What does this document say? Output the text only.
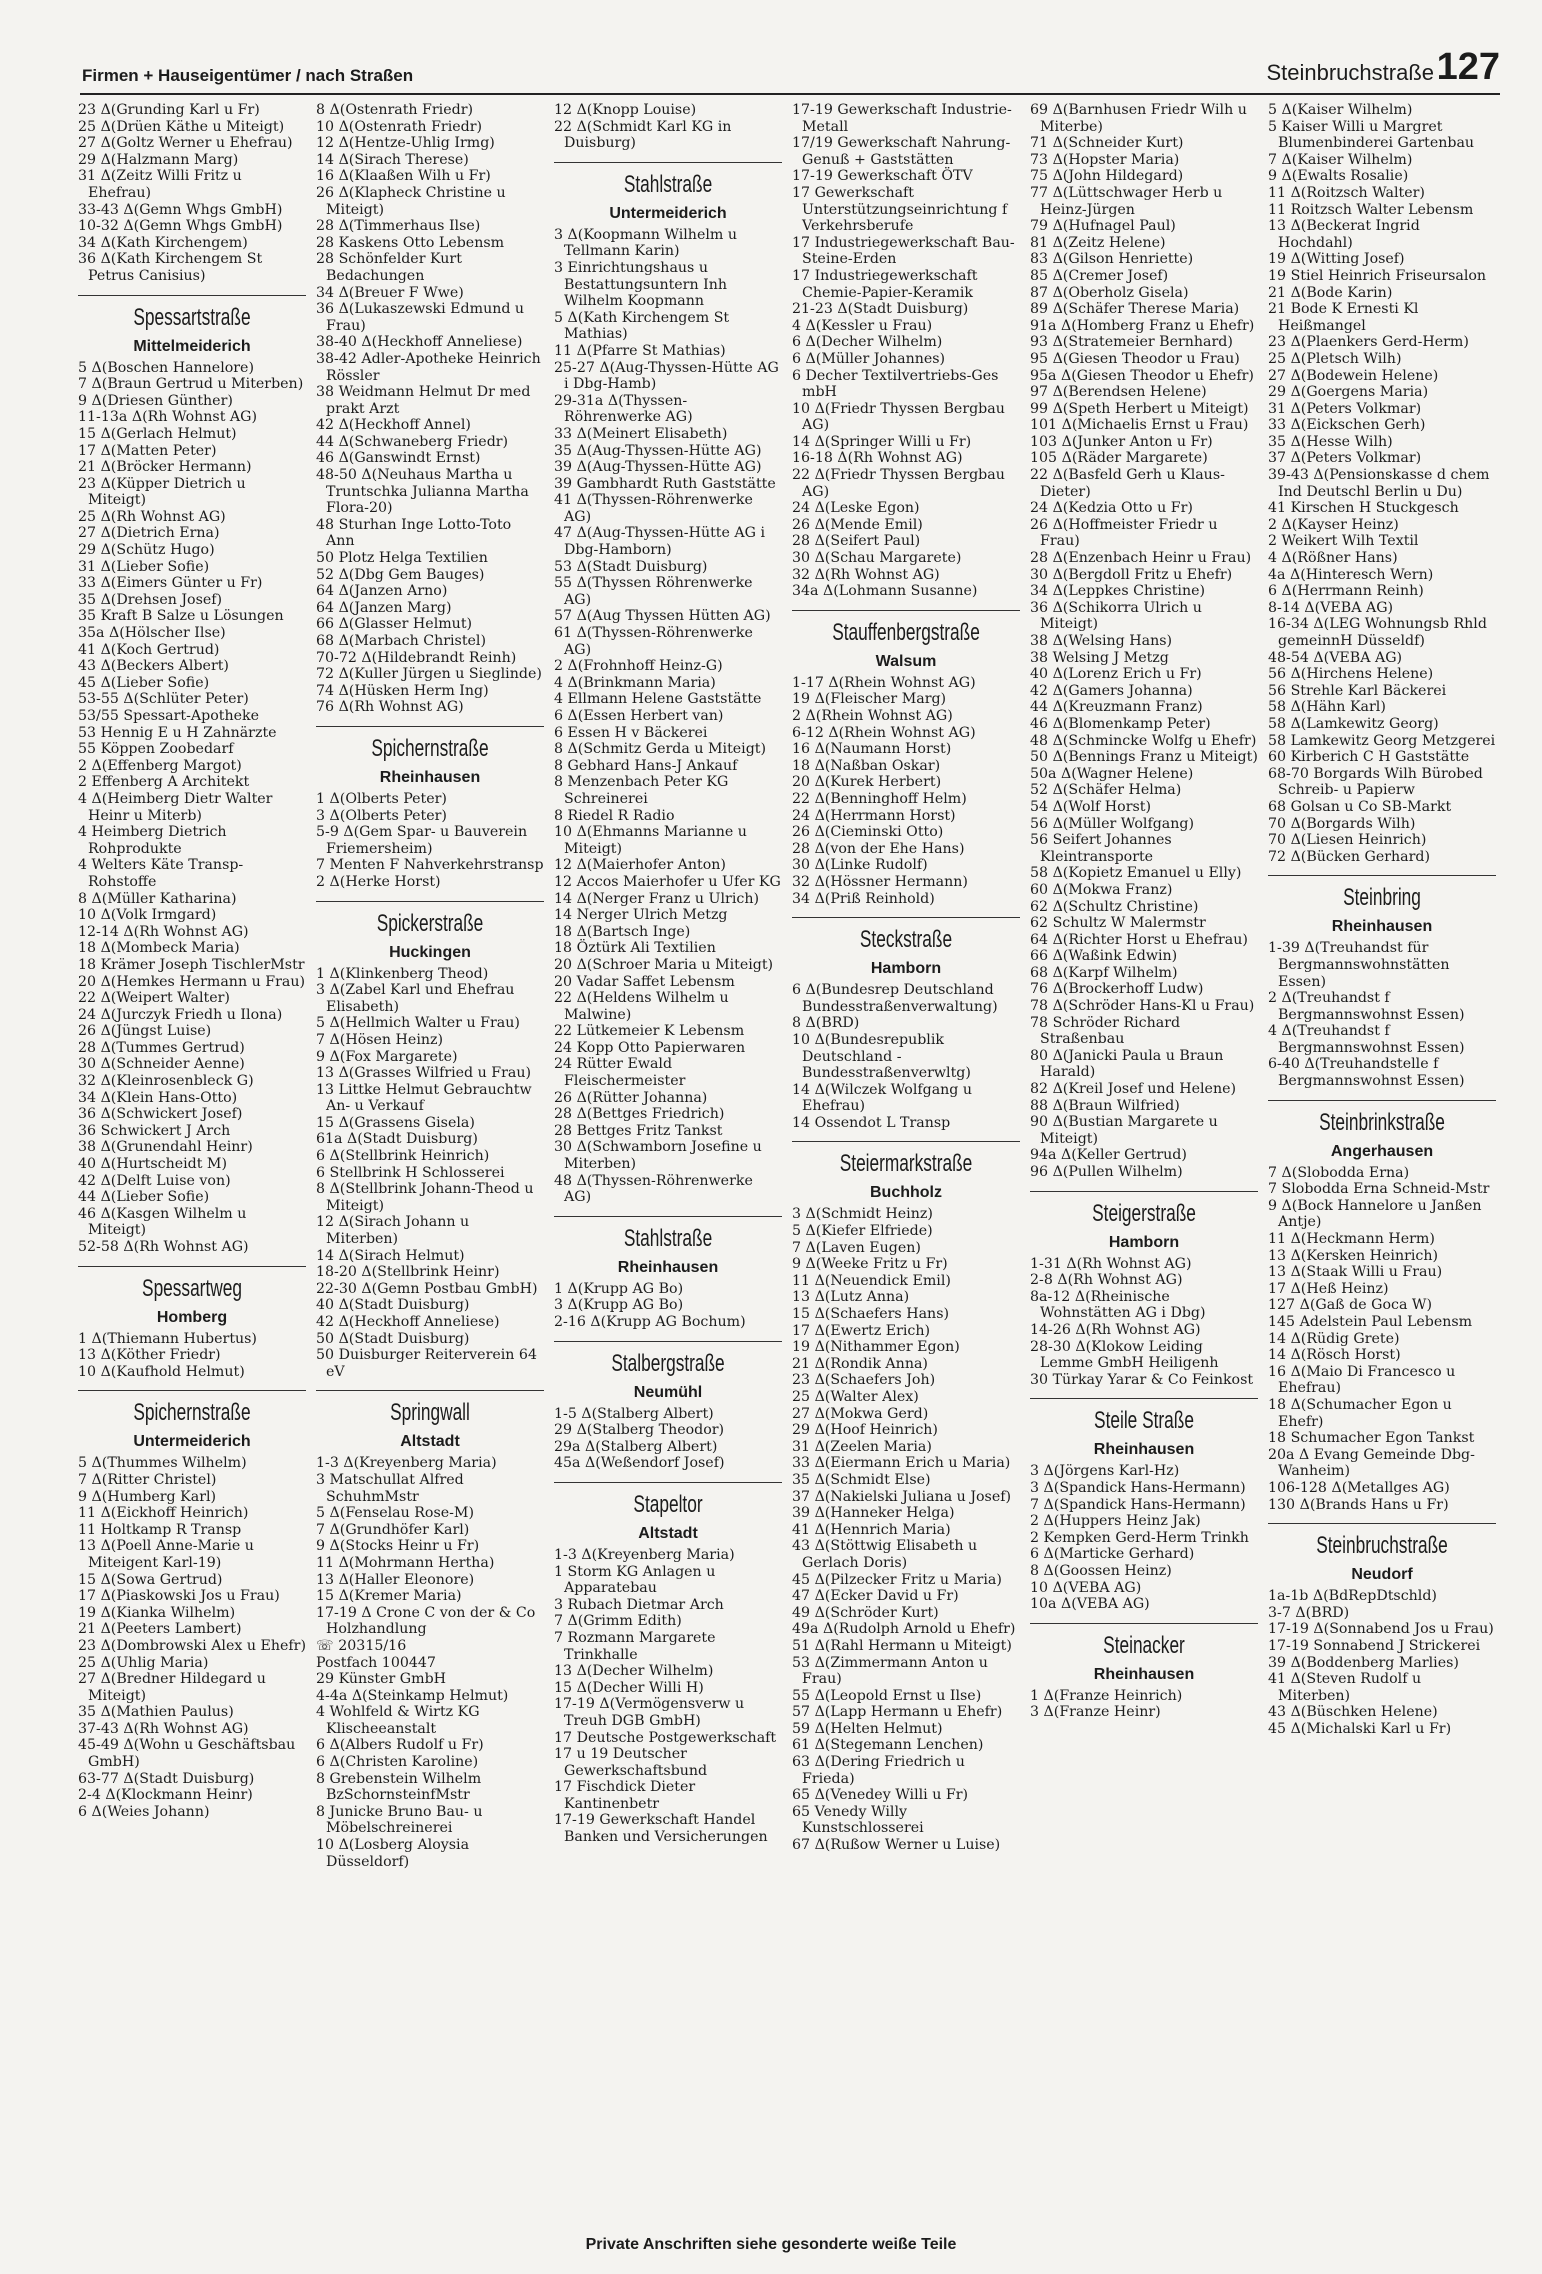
Firmen + Hauseigentümer / nach Straßen	Steinbruchstraße 127
23 Δ(Grunding Karl u Fr)
25 Δ(Drüen Käthe u Miteigt)
27 Δ(Goltz Werner u Ehefrau)
29 Δ(Halzmann Marg)
31 Δ(Zeitz Willi Fritz u Ehefrau)
33-43 Δ(Gemn Whgs GmbH)
10-32 Δ(Gemn Whgs GmbH)
34 Δ(Kath Kirchengem)
36 Δ(Kath Kirchengem St Petrus Canisius)
Spessartstraße
Mittelmeiderich
5 Δ(Boschen Hannelore)
7 Δ(Braun Gertrud u Miterben)
9 Δ(Driesen Günther)
11-13a Δ(Rh Wohnst AG)
15 Δ(Gerlach Helmut)
17 Δ(Matten Peter)
21 Δ(Bröcker Hermann)
23 Δ(Küpper Dietrich u Miteigt)
25 Δ(Rh Wohnst AG)
27 Δ(Dietrich Erna)
29 Δ(Schütz Hugo)
31 Δ(Lieber Sofie)
33 Δ(Eimers Günter u Fr)
35 Δ(Drehsen Josef)
35 Kraft B Salze u Lösungen
35a Δ(Hölscher Ilse)
41 Δ(Koch Gertrud)
43 Δ(Beckers Albert)
45 Δ(Lieber Sofie)
53-55 Δ(Schlüter Peter)
53/55 Spessart-Apotheke
53 Hennig E u H Zahnärzte
55 Köppen Zoobedarf
2 Δ(Effenberg Margot)
2 Effenberg A Architekt
4 Δ(Heimberg Dietr Walter Heinr u Miterb)
4 Heimberg Dietrich Rohprodukte
4 Welters Käte Transp-Rohstoffe
8 Δ(Müller Katharina)
10 Δ(Volk Irmgard)
12-14 Δ(Rh Wohnst AG)
18 Δ(Mombeck Maria)
18 Krämer Joseph TischlerMstr
20 Δ(Hemkes Hermann u Frau)
22 Δ(Weipert Walter)
24 Δ(Jurczyk Friedh u Ilona)
26 Δ(Jüngst Luise)
28 Δ(Tummes Gertrud)
30 Δ(Schneider Aenne)
32 Δ(Kleinrosenbleck G)
34 Δ(Klein Hans-Otto)
36 Δ(Schwickert Josef)
36 Schwickert J Arch
38 Δ(Grunendahl Heinr)
40 Δ(Hurtscheidt M)
42 Δ(Delft Luise von)
44 Δ(Lieber Sofie)
46 Δ(Kasgen Wilhelm u Miteigt)
52-58 Δ(Rh Wohnst AG)
Spessartweg
Homberg
1 Δ(Thiemann Hubertus)
13 Δ(Köther Friedr)
10 Δ(Kaufhold Helmut)
Spichernstraße
Untermeiderich
5 Δ(Thummes Wilhelm)
7 Δ(Ritter Christel)
9 Δ(Humberg Karl)
11 Δ(Eickhoff Heinrich)
11 Holtkamp R Transp
13 Δ(Poell Anne-Marie u Miteigent Karl-19)
15 Δ(Sowa Gertrud)
17 Δ(Piaskowski Jos u Frau)
19 Δ(Kianka Wilhelm)
21 Δ(Peeters Lambert)
23 Δ(Dombrowski Alex u Ehefr)
25 Δ(Uhlig Maria)
27 Δ(Bredner Hildegard u Miteigt)
35 Δ(Mathien Paulus)
37-43 Δ(Rh Wohnst AG)
45-49 Δ(Wohn u Geschäftsbau GmbH)
63-77 Δ(Stadt Duisburg)
2-4 Δ(Klockmann Heinr)
6 Δ(Weies Johann)
8 Δ(Ostenrath Friedr)
10 Δ(Ostenrath Friedr)
12 Δ(Hentze-Uhlig Irmg)
14 Δ(Sirach Therese)
16 Δ(Klaaßen Wilh u Fr)
26 Δ(Klapheck Christine u Miteigt)
28 Δ(Timmerhaus Ilse)
28 Kaskens Otto Lebensm
28 Schönfelder Kurt Bedachungen
34 Δ(Breuer F Wwe)
36 Δ(Lukaszewski Edmund u Frau)
38-40 Δ(Heckhoff Anneliese)
38-42 Adler-Apotheke Heinrich Rössler
38 Weidmann Helmut Dr med prakt Arzt
42 Δ(Heckhoff Annel)
44 Δ(Schwaneberg Friedr)
46 Δ(Ganswindt Ernst)
48-50 Δ(Neuhaus Martha u Truntschka Julianna Martha Flora-20)
48 Sturhan Inge Lotto-Toto Ann
50 Plotz Helga Textilien
52 Δ(Dbg Gem Bauges)
64 Δ(Janzen Arno)
64 Δ(Janzen Marg)
66 Δ(Glasser Helmut)
68 Δ(Marbach Christel)
70-72 Δ(Hildebrandt Reinh)
72 Δ(Kuller Jürgen u Sieglinde)
74 Δ(Hüsken Herm Ing)
76 Δ(Rh Wohnst AG)
Spichernstraße
Rheinhausen
1 Δ(Olberts Peter)
3 Δ(Olberts Peter)
5-9 Δ(Gem Spar- u Bauverein Friemersheim)
7 Menten F Nahverkehrstransp
2 Δ(Herke Horst)
Spickerstraße
Huckingen
1 Δ(Klinkenberg Theod)
3 Δ(Zabel Karl und Ehefrau Elisabeth)
5 Δ(Hellmich Walter u Frau)
7 Δ(Hösen Heinz)
9 Δ(Fox Margarete)
13 Δ(Grasses Wilfried u Frau)
13 Littke Helmut Gebrauchtw An- u Verkauf
15 Δ(Grassens Gisela)
61a Δ(Stadt Duisburg)
6 Δ(Stellbrink Heinrich)
6 Stellbrink H Schlosserei
8 Δ(Stellbrink Johann-Theod u Miteigt)
12 Δ(Sirach Johann u Miterben)
14 Δ(Sirach Helmut)
18-20 Δ(Stellbrink Heinr)
22-30 Δ(Gemn Postbau GmbH)
40 Δ(Stadt Duisburg)
42 Δ(Heckhoff Anneliese)
50 Δ(Stadt Duisburg)
50 Duisburger Reiterverein 64 eV
Springwall
Altstadt
1-3 Δ(Kreyenberg Maria)
3 Matschullat Alfred SchuhmMstr
5 Δ(Fenselau Rose-M)
7 Δ(Grundhöfer Karl)
9 Δ(Stocks Heinr u Fr)
11 Δ(Mohrmann Hertha)
13 Δ(Haller Eleonore)
15 Δ(Kremer Maria)
17-19 Δ Crone C von der & Co Holzhandlung
☏ 20315/16
Postfach 100447
29 Künster GmbH
4-4a Δ(Steinkamp Helmut)
4 Wohlfeld & Wirtz KG Klischeeanstalt
6 Δ(Albers Rudolf u Fr)
6 Δ(Christen Karoline)
8 Grebenstein Wilhelm BzSchornsteinfMstr
8 Junicke Bruno Bau- u Möbelschreinerei
10 Δ(Losberg Aloysia Düsseldorf)
12 Δ(Knopp Louise)
22 Δ(Schmidt Karl KG in Duisburg)
Stahlstraße
Untermeiderich
3 Δ(Koopmann Wilhelm u Tellmann Karin)
3 Einrichtungshaus u Bestattungsuntern Inh Wilhelm Koopmann
5 Δ(Kath Kirchengem St Mathias)
11 Δ(Pfarre St Mathias)
25-27 Δ(Aug-Thyssen-Hütte AG i Dbg-Hamb)
29-31a Δ(Thyssen-Röhrenwerke AG)
33 Δ(Meinert Elisabeth)
35 Δ(Aug-Thyssen-Hütte AG)
39 Δ(Aug-Thyssen-Hütte AG)
39 Gambhardt Ruth Gaststätte
41 Δ(Thyssen-Röhrenwerke AG)
47 Δ(Aug-Thyssen-Hütte AG i Dbg-Hamborn)
53 Δ(Stadt Duisburg)
55 Δ(Thyssen Röhrenwerke AG)
57 Δ(Aug Thyssen Hütten AG)
61 Δ(Thyssen-Röhrenwerke AG)
2 Δ(Frohnhoff Heinz-G)
4 Δ(Brinkmann Maria)
4 Ellmann Helene Gaststätte
6 Δ(Essen Herbert van)
6 Essen H v Bäckerei
8 Δ(Schmitz Gerda u Miteigt)
8 Gebhard Hans-J Ankauf
8 Menzenbach Peter KG Schreinerei
8 Riedel R Radio
10 Δ(Ehmanns Marianne u Miteigt)
12 Δ(Maierhofer Anton)
12 Accos Maierhofer u Ufer KG
14 Δ(Nerger Franz u Ulrich)
14 Nerger Ulrich Metzg
18 Δ(Bartsch Inge)
18 Öztürk Ali Textilien
20 Δ(Schroer Maria u Miteigt)
20 Vadar Saffet Lebensm
22 Δ(Heldens Wilhelm u Malwine)
22 Lütkemeier K Lebensm
24 Kopp Otto Papierwaren
24 Rütter Ewald Fleischermeister
26 Δ(Rütter Johanna)
28 Δ(Bettges Friedrich)
28 Bettges Fritz Tankst
30 Δ(Schwamborn Josefine u Miterben)
48 Δ(Thyssen-Röhrenwerke AG)
Stahlstraße
Rheinhausen
1 Δ(Krupp AG Bo)
3 Δ(Krupp AG Bo)
2-16 Δ(Krupp AG Bochum)
Stalbergstraße
Neumühl
1-5 Δ(Stalberg Albert)
29 Δ(Stalberg Theodor)
29a Δ(Stalberg Albert)
45a Δ(Weßendorf Josef)
Stapeltor
Altstadt
1-3 Δ(Kreyenberg Maria)
1 Storm KG Anlagen u Apparatebau
3 Rubach Dietmar Arch
7 Δ(Grimm Edith)
7 Rozmann Margarete Trinkhalle
13 Δ(Decher Wilhelm)
15 Δ(Decher Willi H)
17-19 Δ(Vermögensverw u Treuh DGB GmbH)
17 Deutsche Postgewerkschaft
17 u 19 Deutscher Gewerkschaftsbund
17 Fischdick Dieter Kantinenbetr
17-19 Gewerkschaft Handel Banken und Versicherungen
17-19 Gewerkschaft Industrie-Metall
17/19 Gewerkschaft Nahrung-Genuß + Gaststätten
17-19 Gewerkschaft ÖTV
17 Gewerkschaft Unterstützungseinrichtung f Verkehrsberufe
17 Industriegewerkschaft Bau-Steine-Erden
17 Industriegewerkschaft Chemie-Papier-Keramik
21-23 Δ(Stadt Duisburg)
4 Δ(Kessler u Frau)
6 Δ(Decher Wilhelm)
6 Δ(Müller Johannes)
6 Decher Textilvertriebs-Ges mbH
10 Δ(Friedr Thyssen Bergbau AG)
14 Δ(Springer Willi u Fr)
16-18 Δ(Rh Wohnst AG)
22 Δ(Friedr Thyssen Bergbau AG)
24 Δ(Leske Egon)
26 Δ(Mende Emil)
28 Δ(Seifert Paul)
30 Δ(Schau Margarete)
32 Δ(Rh Wohnst AG)
34a Δ(Lohmann Susanne)
Stauffenbergstraße
Walsum
1-17 Δ(Rhein Wohnst AG)
19 Δ(Fleischer Marg)
2 Δ(Rhein Wohnst AG)
6-12 Δ(Rhein Wohnst AG)
16 Δ(Naumann Horst)
18 Δ(Naßban Oskar)
20 Δ(Kurek Herbert)
22 Δ(Benninghoff Helm)
24 Δ(Herrmann Horst)
26 Δ(Cieminski Otto)
28 Δ(von der Ehe Hans)
30 Δ(Linke Rudolf)
32 Δ(Hössner Hermann)
34 Δ(Priß Reinhold)
Steckstraße
Hamborn
6 Δ(Bundesrep Deutschland Bundesstraßenverwaltung)
8 Δ(BRD)
10 Δ(Bundesrepublik Deutschland -Bundesstraßenverwltg)
14 Δ(Wilczek Wolfgang u Ehefrau)
14 Ossendot L Transp
Steiermarkstraße
Buchholz
3 Δ(Schmidt Heinz)
5 Δ(Kiefer Elfriede)
7 Δ(Laven Eugen)
9 Δ(Weeke Fritz u Fr)
11 Δ(Neuendick Emil)
13 Δ(Lutz Anna)
15 Δ(Schaefers Hans)
17 Δ(Ewertz Erich)
19 Δ(Nithammer Egon)
21 Δ(Rondik Anna)
23 Δ(Schaefers Joh)
25 Δ(Walter Alex)
27 Δ(Mokwa Gerd)
29 Δ(Hoof Heinrich)
31 Δ(Zeelen Maria)
33 Δ(Eiermann Erich u Maria)
35 Δ(Schmidt Else)
37 Δ(Nakielski Juliana u Josef)
39 Δ(Hanneker Helga)
41 Δ(Hennrich Maria)
43 Δ(Stöttwig Elisabeth u Gerlach Doris)
45 Δ(Pilzecker Fritz u Maria)
47 Δ(Ecker David u Fr)
49 Δ(Schröder Kurt)
49a Δ(Rudolph Arnold u Ehefr)
51 Δ(Rahl Hermann u Miteigt)
53 Δ(Zimmermann Anton u Frau)
55 Δ(Leopold Ernst u Ilse)
57 Δ(Lapp Hermann u Ehefr)
59 Δ(Helten Helmut)
61 Δ(Stegemann Lenchen)
63 Δ(Dering Friedrich u Frieda)
65 Δ(Venedey Willi u Fr)
65 Venedy Willy Kunstschlosserei
67 Δ(Rußow Werner u Luise)
69 Δ(Barnhusen Friedr Wilh u Miterbe)
71 Δ(Schneider Kurt)
73 Δ(Hopster Maria)
75 Δ(John Hildegard)
77 Δ(Lüttschwager Herb u Heinz-Jürgen
79 Δ(Hufnagel Paul)
81 Δ(Zeitz Helene)
83 Δ(Gilson Henriette)
85 Δ(Cremer Josef)
87 Δ(Oberholz Gisela)
89 Δ(Schäfer Therese Maria)
91a Δ(Homberg Franz u Ehefr)
93 Δ(Stratemeier Bernhard)
95 Δ(Giesen Theodor u Frau)
95a Δ(Giesen Theodor u Ehefr)
97 Δ(Berendsen Helene)
99 Δ(Speth Herbert u Miteigt)
101 Δ(Michaelis Ernst u Frau)
103 Δ(Junker Anton u Fr)
105 Δ(Räder Margarete)
22 Δ(Basfeld Gerh u Klaus-Dieter)
24 Δ(Kedzia Otto u Fr)
26 Δ(Hoffmeister Friedr u Frau)
28 Δ(Enzenbach Heinr u Frau)
30 Δ(Bergdoll Fritz u Ehefr)
34 Δ(Leppkes Christine)
36 Δ(Schikorra Ulrich u Miteigt)
38 Δ(Welsing Hans)
38 Welsing J Metzg
40 Δ(Lorenz Erich u Fr)
42 Δ(Gamers Johanna)
44 Δ(Kreuzmann Franz)
46 Δ(Blomenkamp Peter)
48 Δ(Schmincke Wolfg u Ehefr)
50 Δ(Bennings Franz u Miteigt)
50a Δ(Wagner Helene)
52 Δ(Schäfer Helma)
54 Δ(Wolf Horst)
56 Δ(Müller Wolfgang)
56 Seifert Johannes Kleintransporte
58 Δ(Kopietz Emanuel u Elly)
60 Δ(Mokwa Franz)
62 Δ(Schultz Christine)
62 Schultz W Malermstr
64 Δ(Richter Horst u Ehefrau)
66 Δ(Waßink Edwin)
68 Δ(Karpf Wilhelm)
76 Δ(Brockerhoff Ludw)
78 Δ(Schröder Hans-Kl u Frau)
78 Schröder Richard Straßenbau
80 Δ(Janicki Paula u Braun Harald)
82 Δ(Kreil Josef und Helene)
88 Δ(Braun Wilfried)
90 Δ(Bustian Margarete u Miteigt)
94a Δ(Keller Gertrud)
96 Δ(Pullen Wilhelm)
Steigerstraße
Hamborn
1-31 Δ(Rh Wohnst AG)
2-8 Δ(Rh Wohnst AG)
8a-12 Δ(Rheinische Wohnstätten AG i Dbg)
14-26 Δ(Rh Wohnst AG)
28-30 Δ(Klokow Leiding Lemme GmbH Heiligenh
30 Türkay Yarar & Co Feinkost
Steile Straße
Rheinhausen
3 Δ(Jörgens Karl-Hz)
3 Δ(Spandick Hans-Hermann)
7 Δ(Spandick Hans-Hermann)
2 Δ(Huppers Heinz Jak)
2 Kempken Gerd-Herm Trinkh
6 Δ(Marticke Gerhard)
8 Δ(Goossen Heinz)
10 Δ(VEBA AG)
10a Δ(VEBA AG)
Steinacker
Rheinhausen
1 Δ(Franze Heinrich)
3 Δ(Franze Heinr)
5 Δ(Kaiser Wilhelm)
5 Kaiser Willi u Margret Blumenbinderei Gartenbau
7 Δ(Kaiser Wilhelm)
9 Δ(Ewalts Rosalie)
11 Δ(Roitzsch Walter)
11 Roitzsch Walter Lebensm
13 Δ(Beckerat Ingrid Hochdahl)
19 Δ(Witting Josef)
19 Stiel Heinrich Friseursalon
21 Δ(Bode Karin)
21 Bode K Ernesti Kl Heißmangel
23 Δ(Plaenkers Gerd-Herm)
25 Δ(Pletsch Wilh)
27 Δ(Bodewein Helene)
29 Δ(Goergens Maria)
31 Δ(Peters Volkmar)
33 Δ(Eickschen Gerh)
35 Δ(Hesse Wilh)
37 Δ(Peters Volkmar)
39-43 Δ(Pensionskasse d chem Ind Deutschl Berlin u Du)
41 Kirschen H Stuckgesch
2 Δ(Kayser Heinz)
2 Weikert Wilh Textil
4 Δ(Rößner Hans)
4a Δ(Hinteresch Wern)
6 Δ(Herrmann Reinh)
8-14 Δ(VEBA AG)
16-34 Δ(LEG Wohnungsb Rhld gemeinnH Düsseldf)
48-54 Δ(VEBA AG)
56 Δ(Hirchens Helene)
56 Strehle Karl Bäckerei
58 Δ(Hähn Karl)
58 Δ(Lamkewitz Georg)
58 Lamkewitz Georg Metzgerei
60 Kirberich C H Gaststätte
68-70 Borgards Wilh Bürobed Schreib- u Papierw
68 Golsan u Co SB-Markt
70 Δ(Borgards Wilh)
70 Δ(Liesen Heinrich)
72 Δ(Bücken Gerhard)
Steinbring
Rheinhausen
1-39 Δ(Treuhandst für Bergmannswohnstätten Essen)
2 Δ(Treuhandst f Bergmannswohnst Essen)
4 Δ(Treuhandst f Bergmannswohnst Essen)
6-40 Δ(Treuhandstelle f Bergmannswohnst Essen)
Steinbrinkstraße
Angerhausen
7 Δ(Slobodda Erna)
7 Slobodda Erna Schneid-Mstr
9 Δ(Bock Hannelore u Janßen Antje)
11 Δ(Heckmann Herm)
13 Δ(Kersken Heinrich)
13 Δ(Staak Willi u Frau)
17 Δ(Heß Heinz)
127 Δ(Gaß de Goca W)
145 Adelstein Paul Lebensm
14 Δ(Rüdig Grete)
14 Δ(Rösch Horst)
16 Δ(Maio Di Francesco u Ehefrau)
18 Δ(Schumacher Egon u Ehefr)
18 Schumacher Egon Tankst
20a Δ Evang Gemeinde Dbg-Wanheim)
106-128 Δ(Metallges AG)
130 Δ(Brands Hans u Fr)
Steinbruchstraße
Neudorf
1a-1b Δ(BdRepDtschld)
3-7 Δ(BRD)
17-19 Δ(Sonnabend Jos u Frau)
17-19 Sonnabend J Strickerei
39 Δ(Boddenberg Marlies)
41 Δ(Steven Rudolf u Miterben)
43 Δ(Büschken Helene)
45 Δ(Michalski Karl u Fr)
Private Anschriften siehe gesonderte weiße Teile
